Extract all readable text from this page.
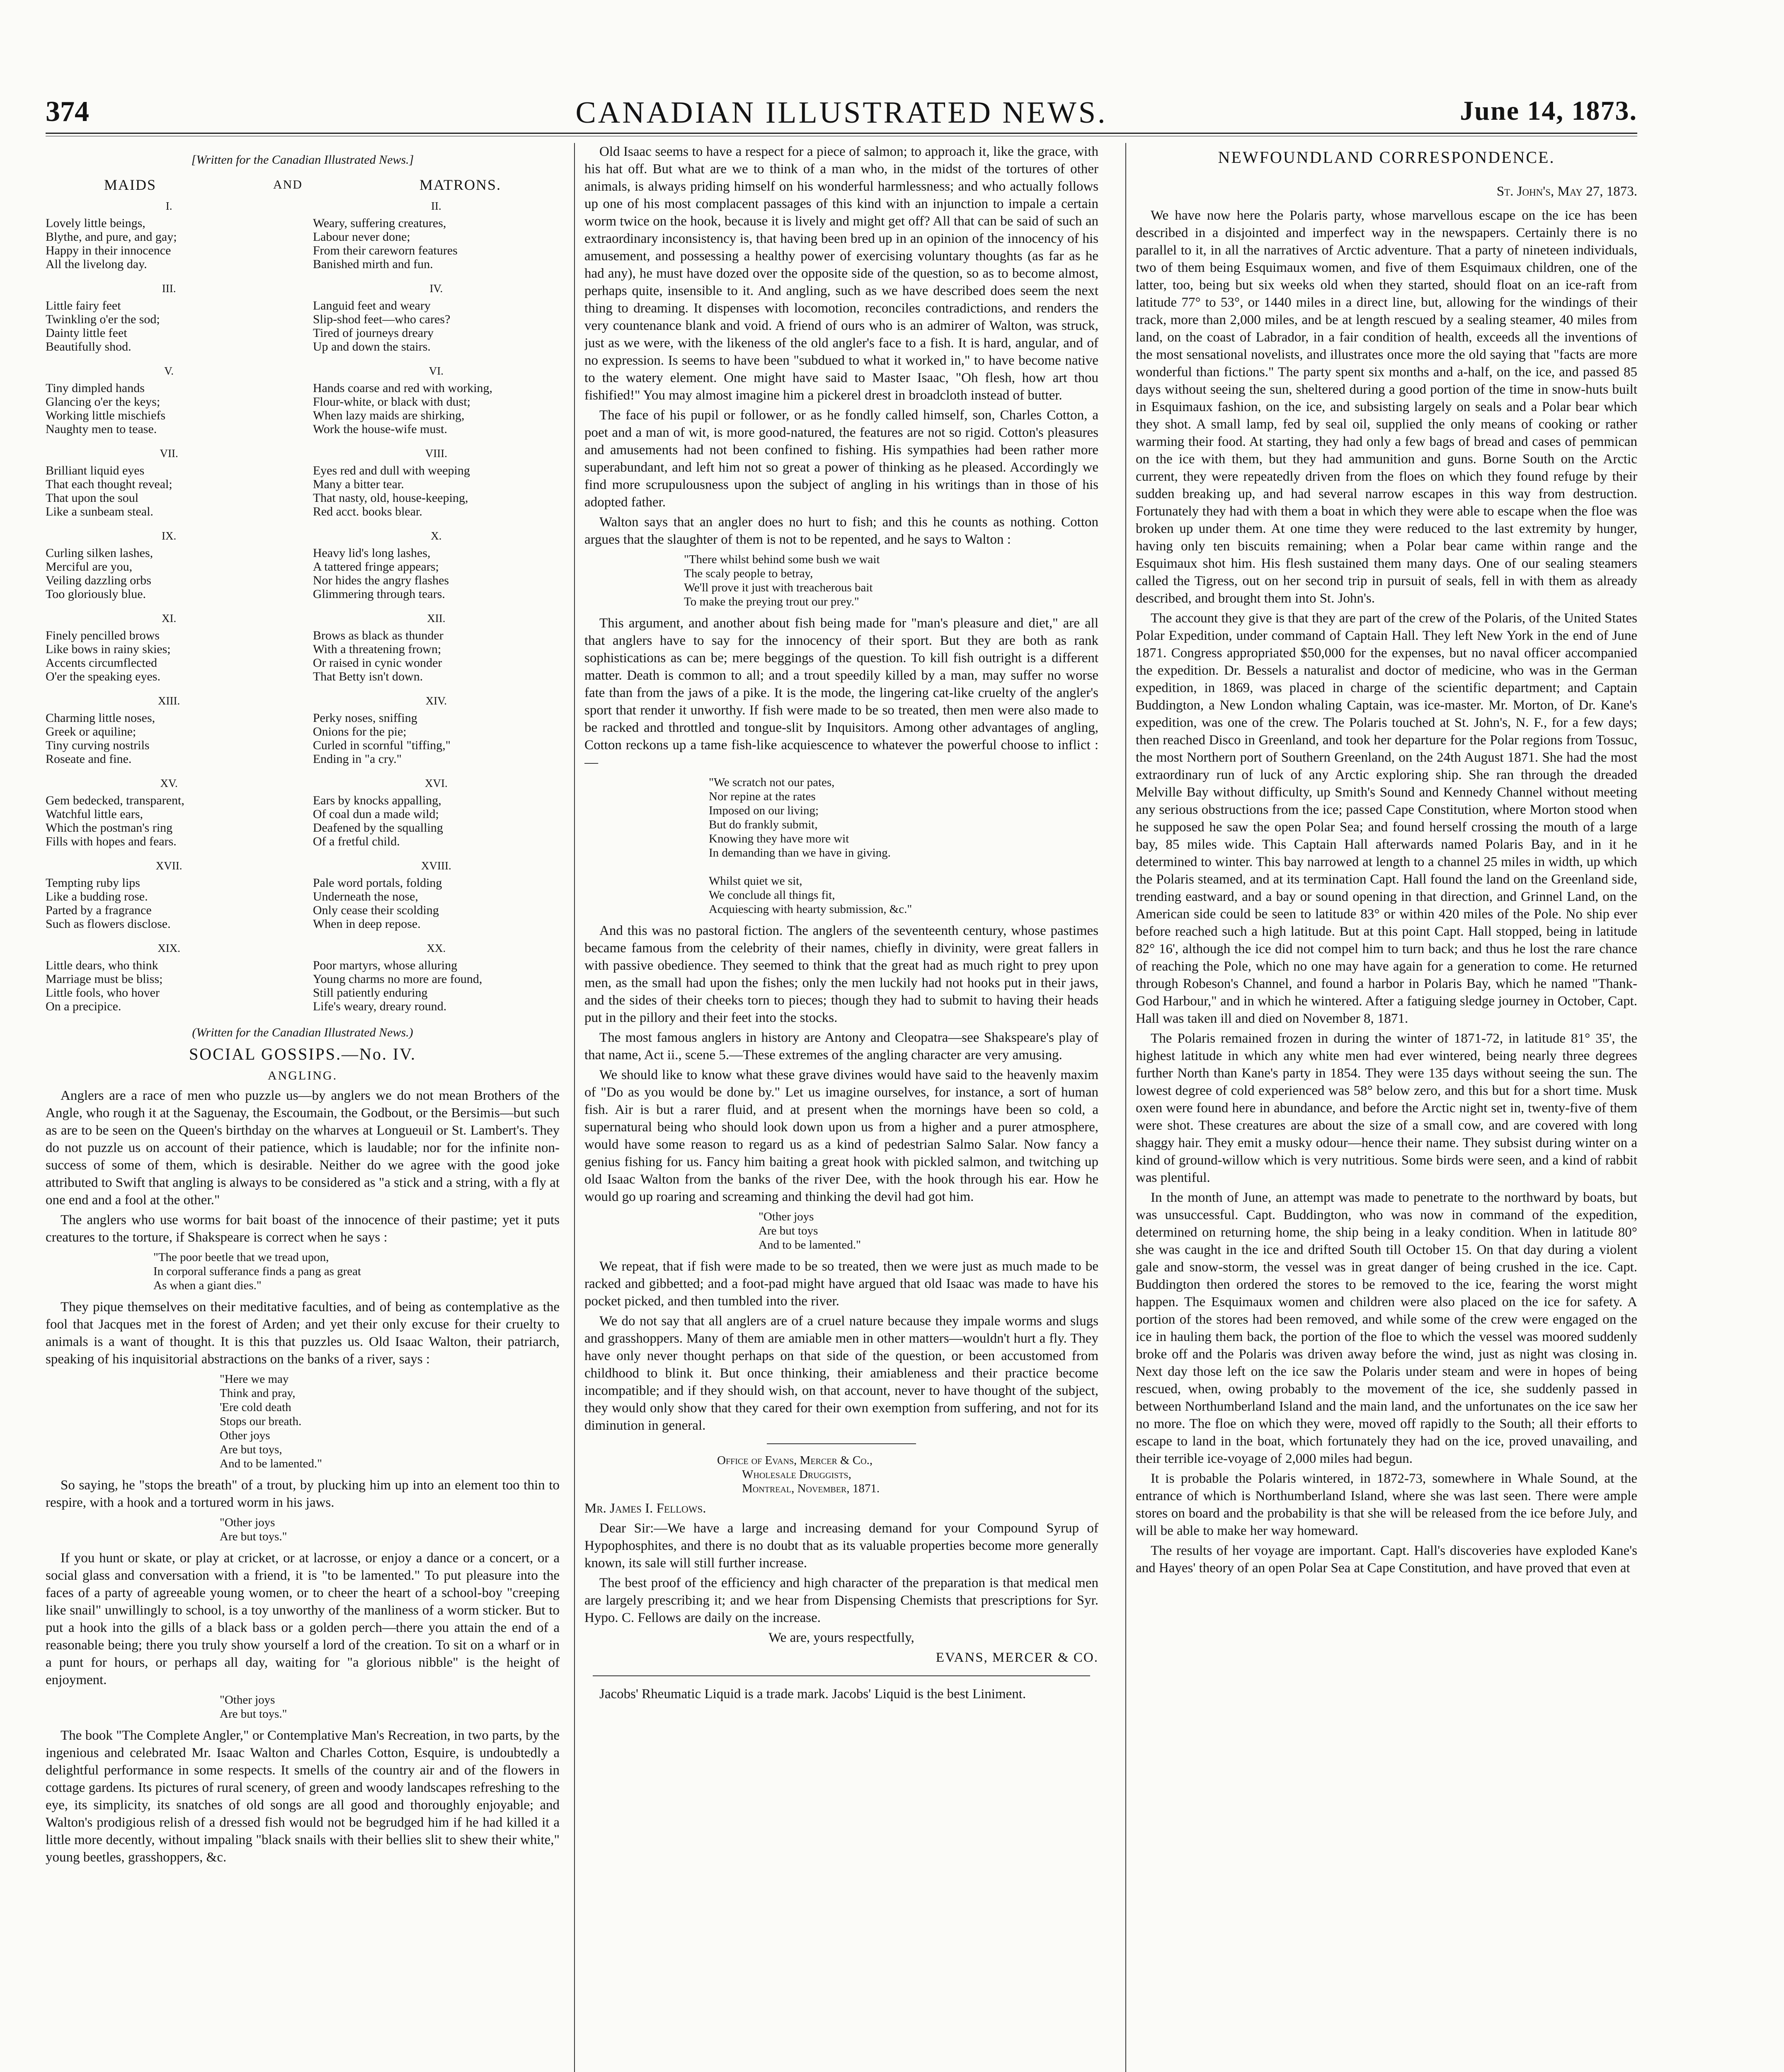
374	CANADIAN ILLUSTRATED NEWS.	June 14, 1873.

[Written for the Canadian Illustrated News.]

MAIDS	AND	MATRONS.
I.
Lovely little beings,
Blythe, and pure, and gay;
Happy in their innocence
All the livelong day.
II.
Weary, suffering creatures,
Labour never done;
From their careworn features
Banished mirth and fun.
III.
Little fairy feet
Twinkling o'er the sod;
Dainty little feet
Beautifully shod.
IV.
Languid feet and weary
Slip-shod feet—who cares?
Tired of journeys dreary
Up and down the stairs.
V.
Tiny dimpled hands
Glancing o'er the keys;
Working little mischiefs
Naughty men to tease.
VI.
Hands coarse and red with working,
Flour-white, or black with dust;
When lazy maids are shirking,
Work the house-wife must.
VII.
Brilliant liquid eyes
That each thought reveal;
That upon the soul
Like a sunbeam steal.
VIII.
Eyes red and dull with weeping
Many a bitter tear.
That nasty, old, house-keeping,
Red acct. books blear.
IX.
Curling silken lashes,
Merciful are you,
Veiling dazzling orbs
Too gloriously blue.
X.
Heavy lid's long lashes,
A tattered fringe appears;
Nor hides the angry flashes
Glimmering through tears.
XI.
Finely pencilled brows
Like bows in rainy skies;
Accents circumflected
O'er the speaking eyes.
XII.
Brows as black as thunder
With a threatening frown;
Or raised in cynic wonder
That Betty isn't down.
XIII.
Charming little noses,
Greek or aquiline;
Tiny curving nostrils
Roseate and fine.
XIV.
Perky noses, sniffing
Onions for the pie;
Curled in scornful "tiffing,"
Ending in "a cry."
XV.
Gem bedecked, transparent,
Watchful little ears,
Which the postman's ring
Fills with hopes and fears.
XVI.
Ears by knocks appalling,
Of coal dun a made wild;
Deafened by the squalling
Of a fretful child.
XVII.
Tempting ruby lips
Like a budding rose.
Parted by a fragrance
Such as flowers disclose.
XVIII.
Pale word portals, folding
Underneath the nose,
Only cease their scolding
When in deep repose.
XIX.
Little dears, who think
Marriage must be bliss;
Little fools, who hover
On a precipice.
XX.
Poor martyrs, whose alluring
Young charms no more are found,
Still patiently enduring
Life's weary, dreary round.

(Written for the Canadian Illustrated News.)

SOCIAL GOSSIPS.—No. IV.

ANGLING.

Anglers are a race of men who puzzle us—by anglers we do not mean Brothers of the Angle, who rough it at the Saguenay, the Escoumain, the Godbout, or the Bersimis—but such as are to be seen on the Queen's birthday on the wharves at Longueuil or St. Lambert's. They do not puzzle us on account of their patience, which is laudable; nor for the infinite non-success of some of them, which is desirable. Neither do we agree with the good joke attributed to Swift that angling is always to be considered as "a stick and a string, with a fly at one end and a fool at the other."

The anglers who use worms for bait boast of the innocence of their pastime; yet it puts creatures to the torture, if Shakspeare is correct when he says :

"The poor beetle that we tread upon,
In corporal sufferance finds a pang as great
As when a giant dies."

They pique themselves on their meditative faculties, and of being as contemplative as the fool that Jacques met in the forest of Arden; and yet their only excuse for their cruelty to animals is a want of thought. It is this that puzzles us. Old Isaac Walton, their patriarch, speaking of his inquisitorial abstractions on the banks of a river, says :

"Here we may
Think and pray,
'Ere cold death
Stops our breath.
Other joys
Are but toys,
And to be lamented."

So saying, he "stops the breath" of a trout, by plucking him up into an element too thin to respire, with a hook and a tortured worm in his jaws.

"Other joys
Are but toys."

If you hunt or skate, or play at cricket, or at lacrosse, or enjoy a dance or a concert, or a social glass and conversation with a friend, it is "to be lamented." To put pleasure into the faces of a party of agreeable young women, or to cheer the heart of a school-boy "creeping like snail" unwillingly to school, is a toy unworthy of the manliness of a worm sticker. But to put a hook into the gills of a black bass or a golden perch—there you attain the end of a reasonable being; there you truly show yourself a lord of the creation. To sit on a wharf or in a punt for hours, or perhaps all day, waiting for "a glorious nibble" is the height of enjoyment.

"Other joys
Are but toys."

The book "The Complete Angler," or Contemplative Man's Recreation, in two parts, by the ingenious and celebrated Mr. Isaac Walton and Charles Cotton, Esquire, is undoubtedly a delightful performance in some respects. It smells of the country air and of the flowers in cottage gardens. Its pictures of rural scenery, of green and woody landscapes refreshing to the eye, its simplicity, its snatches of old songs are all good and thoroughly enjoyable; and Walton's prodigious relish of a dressed fish would not be begrudged him if he had killed it a little more decently, without impaling "black snails with their bellies slit to shew their white," young beetles, grasshoppers, &c.

Old Isaac seems to have a respect for a piece of salmon; to approach it, like the grace, with his hat off. But what are we to think of a man who, in the midst of the tortures of other animals, is always priding himself on his wonderful harmlessness; and who actually follows up one of his most complacent passages of this kind with an injunction to impale a certain worm twice on the hook, because it is lively and might get off? All that can be said of such an extraordinary inconsistency is, that having been bred up in an opinion of the innocency of his amusement, and possessing a healthy power of exercising voluntary thoughts (as far as he had any), he must have dozed over the opposite side of the question, so as to become almost, perhaps quite, insensible to it. And angling, such as we have described does seem the next thing to dreaming. It dispenses with locomotion, reconciles contradictions, and renders the very countenance blank and void. A friend of ours who is an admirer of Walton, was struck, just as we were, with the likeness of the old angler's face to a fish. It is hard, angular, and of no expression. Is seems to have been "subdued to what it worked in," to have become native to the watery element. One might have said to Master Isaac, "Oh flesh, how art thou fishified!" You may almost imagine him a pickerel drest in broadcloth instead of butter.

The face of his pupil or follower, or as he fondly called himself, son, Charles Cotton, a poet and a man of wit, is more good-natured, the features are not so rigid. Cotton's pleasures and amusements had not been confined to fishing. His sympathies had been rather more superabundant, and left him not so great a power of thinking as he pleased. Accordingly we find more scrupulousness upon the subject of angling in his writings than in those of his adopted father.

Walton says that an angler does no hurt to fish; and this he counts as nothing. Cotton argues that the slaughter of them is not to be repented, and he says to Walton :

"There whilst behind some bush we wait
The scaly people to betray,
We'll prove it just with treacherous bait
To make the preying trout our prey."

This argument, and another about fish being made for "man's pleasure and diet," are all that anglers have to say for the innocency of their sport. But they are both as rank sophistications as can be; mere beggings of the question. To kill fish outright is a different matter. Death is common to all; and a trout speedily killed by a man, may suffer no worse fate than from the jaws of a pike. It is the mode, the lingering cat-like cruelty of the angler's sport that render it unworthy. If fish were made to be so treated, then men were also made to be racked and throttled and tongue-slit by Inquisitors. Among other advantages of angling, Cotton reckons up a tame fish-like acquiescence to whatever the powerful choose to inflict :—

"We scratch not our pates,
Nor repine at the rates
Imposed on our living;
But do frankly submit,
Knowing they have more wit
In demanding than we have in giving.

Whilst quiet we sit,
We conclude all things fit,
Acquiescing with hearty submission, &c."

And this was no pastoral fiction. The anglers of the seventeenth century, whose pastimes became famous from the celebrity of their names, chiefly in divinity, were great fallers in with passive obedience. They seemed to think that the great had as much right to prey upon men, as the small had upon the fishes; only the men luckily had not hooks put in their jaws, and the sides of their cheeks torn to pieces; though they had to submit to having their heads put in the pillory and their feet into the stocks.

The most famous anglers in history are Antony and Cleopatra—see Shakspeare's play of that name, Act ii., scene 5.—These extremes of the angling character are very amusing.

We should like to know what these grave divines would have said to the heavenly maxim of "Do as you would be done by." Let us imagine ourselves, for instance, a sort of human fish. Air is but a rarer fluid, and at present when the mornings have been so cold, a supernatural being who should look down upon us from a higher and a purer atmosphere, would have some reason to regard us as a kind of pedestrian Salmo Salar. Now fancy a genius fishing for us. Fancy him baiting a great hook with pickled salmon, and twitching up old Isaac Walton from the banks of the river Dee, with the hook through his ear. How he would go up roaring and screaming and thinking the devil had got him.

"Other joys
Are but toys
And to be lamented."

We repeat, that if fish were made to be so treated, then we were just as much made to be racked and gibbetted; and a foot-pad might have argued that old Isaac was made to have his pocket picked, and then tumbled into the river.

We do not say that all anglers are of a cruel nature because they impale worms and slugs and grasshoppers. Many of them are amiable men in other matters—wouldn't hurt a fly. They have only never thought perhaps on that side of the question, or been accustomed from childhood to blink it. But once thinking, their amiableness and their practice become incompatible; and if they should wish, on that account, never to have thought of the subject, they would only show that they cared for their own exemption from suffering, and not for its diminution in general.

Office of Evans, Mercer & Co.,
Wholesale Druggists,
Montreal, November, 1871.

Mr. James I. Fellows.

Dear Sir:—We have a large and increasing demand for your Compound Syrup of Hypophosphites, and there is no doubt that as its valuable properties become more generally known, its sale will still further increase.

The best proof of the efficiency and high character of the preparation is that medical men are largely prescribing it; and we hear from Dispensing Chemists that prescriptions for Syr. Hypo. C. Fellows are daily on the increase.

We are, yours respectfully,

EVANS, MERCER & CO.

Jacobs' Rheumatic Liquid is a trade mark. Jacobs' Liquid is the best Liniment.

NEWFOUNDLAND CORRESPONDENCE.

St. John's, May 27, 1873.

We have now here the Polaris party, whose marvellous escape on the ice has been described in a disjointed and imperfect way in the newspapers. Certainly there is no parallel to it, in all the narratives of Arctic adventure. That a party of nineteen individuals, two of them being Esquimaux women, and five of them Esquimaux children, one of the latter, too, being but six weeks old when they started, should float on an ice-raft from latitude 77° to 53°, or 1440 miles in a direct line, but, allowing for the windings of their track, more than 2,000 miles, and be at length rescued by a sealing steamer, 40 miles from land, on the coast of Labrador, in a fair condition of health, exceeds all the inventions of the most sensational novelists, and illustrates once more the old saying that "facts are more wonderful than fictions." The party spent six months and a-half, on the ice, and passed 85 days without seeing the sun, sheltered during a good portion of the time in snow-huts built in Esquimaux fashion, on the ice, and subsisting largely on seals and a Polar bear which they shot. A small lamp, fed by seal oil, supplied the only means of cooking or rather warming their food. At starting, they had only a few bags of bread and cases of pemmican on the ice with them, but they had ammunition and guns. Borne South on the Arctic current, they were repeatedly driven from the floes on which they found refuge by their sudden breaking up, and had several narrow escapes in this way from destruction. Fortunately they had with them a boat in which they were able to escape when the floe was broken up under them. At one time they were reduced to the last extremity by hunger, having only ten biscuits remaining; when a Polar bear came within range and the Esquimaux shot him. His flesh sustained them many days. One of our sealing steamers called the Tigress, out on her second trip in pursuit of seals, fell in with them as already described, and brought them into St. John's.

The account they give is that they are part of the crew of the Polaris, of the United States Polar Expedition, under command of Captain Hall. They left New York in the end of June 1871. Congress appropriated $50,000 for the expenses, but no naval officer accompanied the expedition. Dr. Bessels a naturalist and doctor of medicine, who was in the German expedition, in 1869, was placed in charge of the scientific department; and Captain Buddington, a New London whaling Captain, was ice-master. Mr. Morton, of Dr. Kane's expedition, was one of the crew. The Polaris touched at St. John's, N. F., for a few days; then reached Disco in Greenland, and took her departure for the Polar regions from Tossuc, the most Northern port of Southern Greenland, on the 24th August 1871. She had the most extraordinary run of luck of any Arctic exploring ship. She ran through the dreaded Melville Bay without difficulty, up Smith's Sound and Kennedy Channel without meeting any serious obstructions from the ice; passed Cape Constitution, where Morton stood when he supposed he saw the open Polar Sea; and found herself crossing the mouth of a large bay, 85 miles wide. This Captain Hall afterwards named Polaris Bay, and in it he determined to winter. This bay narrowed at length to a channel 25 miles in width, up which the Polaris steamed, and at its termination Capt. Hall found the land on the Greenland side, trending eastward, and a bay or sound opening in that direction, and Grinnel Land, on the American side could be seen to latitude 83° or within 420 miles of the Pole. No ship ever before reached such a high latitude. But at this point Capt. Hall stopped, being in latitude 82° 16', although the ice did not compel him to turn back; and thus he lost the rare chance of reaching the Pole, which no one may have again for a generation to come. He returned through Robeson's Channel, and found a harbor in Polaris Bay, which he named "Thank-God Harbour," and in which he wintered. After a fatiguing sledge journey in October, Capt. Hall was taken ill and died on November 8, 1871.

The Polaris remained frozen in during the winter of 1871-72, in latitude 81° 35', the highest latitude in which any white men had ever wintered, being nearly three degrees further North than Kane's party in 1854. They were 135 days without seeing the sun. The lowest degree of cold experienced was 58° below zero, and this but for a short time. Musk oxen were found here in abundance, and before the Arctic night set in, twenty-five of them were shot. These creatures are about the size of a small cow, and are covered with long shaggy hair. They emit a musky odour—hence their name. They subsist during winter on a kind of ground-willow which is very nutritious. Some birds were seen, and a kind of rabbit was plentiful.

In the month of June, an attempt was made to penetrate to the northward by boats, but was unsuccessful. Capt. Buddington, who was now in command of the expedition, determined on returning home, the ship being in a leaky condition. When in latitude 80° she was caught in the ice and drifted South till October 15. On that day during a violent gale and snow-storm, the vessel was in great danger of being crushed in the ice. Capt. Buddington then ordered the stores to be removed to the ice, fearing the worst might happen. The Esquimaux women and children were also placed on the ice for safety. A portion of the stores had been removed, and while some of the crew were engaged on the ice in hauling them back, the portion of the floe to which the vessel was moored suddenly broke off and the Polaris was driven away before the wind, just as night was closing in. Next day those left on the ice saw the Polaris under steam and were in hopes of being rescued, when, owing probably to the movement of the ice, she suddenly passed in between Northumberland Island and the main land, and the unfortunates on the ice saw her no more. The floe on which they were, moved off rapidly to the South; all their efforts to escape to land in the boat, which fortunately they had on the ice, proved unavailing, and their terrible ice-voyage of 2,000 miles had begun.

It is probable the Polaris wintered, in 1872-73, somewhere in Whale Sound, at the entrance of which is Northumberland Island, where she was last seen. There were ample stores on board and the probability is that she will be released from the ice before July, and will be able to make her way homeward.

The results of her voyage are important. Capt. Hall's discoveries have exploded Kane's and Hayes' theory of an open Polar Sea at Cape Constitution, and have proved that even at
